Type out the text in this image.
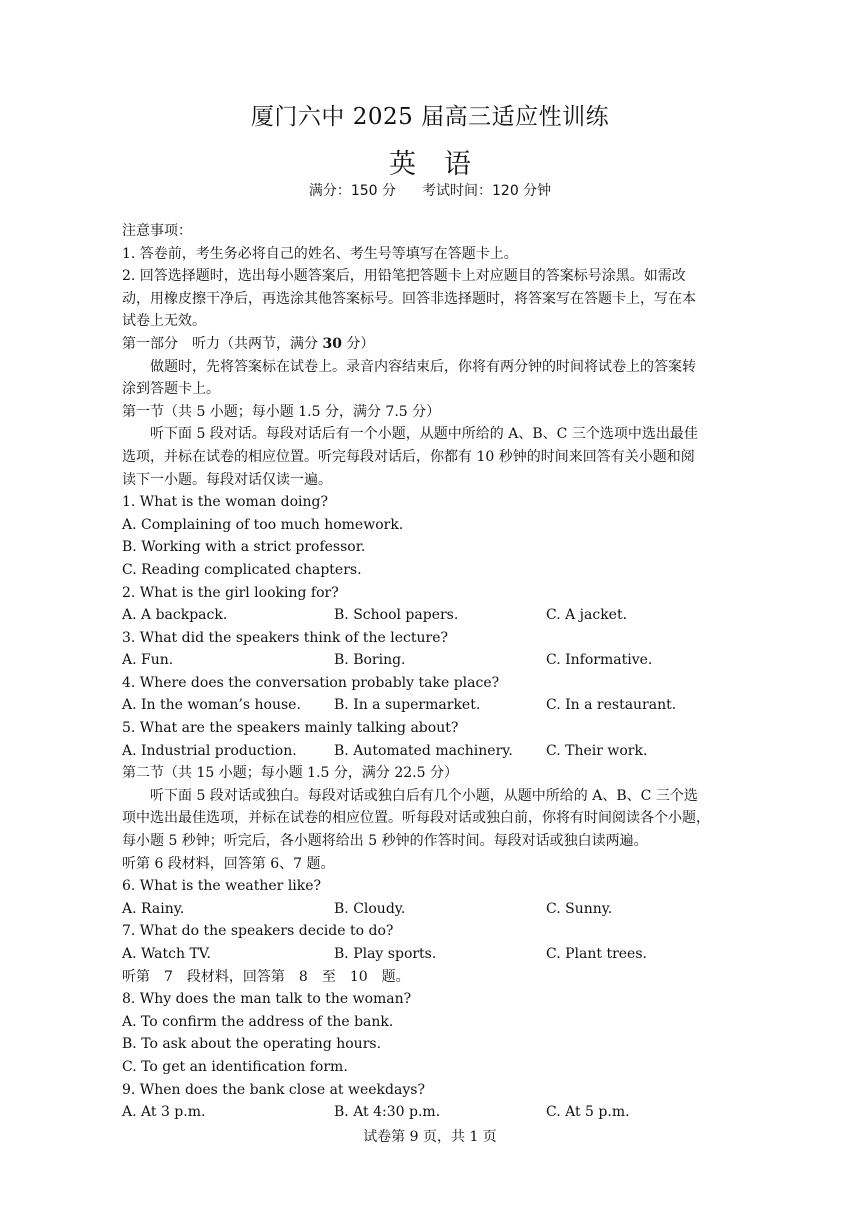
厦门六中 2025 届高三适应性训练
英语
满分：150 分 考试时间：120 分钟
注意事项：
1. 答卷前，考生务必将自己的姓名、考生号等填写在答题卡上。
2. 回答选择题时，选出每小题答案后，用铅笔把答题卡上对应题目的答案标号涂黑。如需改
动，用橡皮擦干净后，再选涂其他答案标号。回答非选择题时，将答案写在答题卡上，写在本
试卷上无效。
第一部分　听力（共两节，满分 30 分）
做题时，先将答案标在试卷上。录音内容结束后，你将有两分钟的时间将试卷上的答案转
涂到答题卡上。
第一节（共 5 小题；每小题 1.5 分，满分 7.5 分）
听下面 5 段对话。每段对话后有一个小题，从题中所给的 A、B、C 三个选项中选出最佳
选项，并标在试卷的相应位置。听完每段对话后，你都有 10 秒钟的时间来回答有关小题和阅
读下一小题。每段对话仅读一遍。
1. What is the woman doing?
A. Complaining of too much homework.
B. Working with a strict professor.
C. Reading complicated chapters.
2. What is the girl looking for?
A. A backpack.	B. School papers.	C. A jacket.
3. What did the speakers think of the lecture?
A. Fun.	B. Boring.	C. Informative.
4. Where does the conversation probably take place?
A. In the woman’s house.	B. In a supermarket.	C. In a restaurant.
5. What are the speakers mainly talking about?
A. Industrial production.	B. Automated machinery.	C. Their work.
第二节（共 15 小题；每小题 1.5 分，满分 22.5 分）
听下面 5 段对话或独白。每段对话或独白后有几个小题，从题中所给的 A、B、C 三个选
项中选出最佳选项，并标在试卷的相应位置。听每段对话或独白前，你将有时间阅读各个小题，
每小题 5 秒钟；听完后，各小题将给出 5 秒钟的作答时间。每段对话或独白读两遍。
听第 6 段材料，回答第 6、7 题。
6. What is the weather like?
A. Rainy.	B. Cloudy.	C. Sunny.
7. What do the speakers decide to do?
A. Watch TV.	B. Play sports.	C. Plant trees.
听第　7　段材料，回答第　8　至　10　题。
8. Why does the man talk to the woman?
A. To confirm the address of the bank.
B. To ask about the operating hours.
C. To get an identification form.
9. When does the bank close at weekdays?
A. At 3 p.m.	B. At 4:30 p.m.	C. At 5 p.m.
试卷第 9 页，共 1 页
